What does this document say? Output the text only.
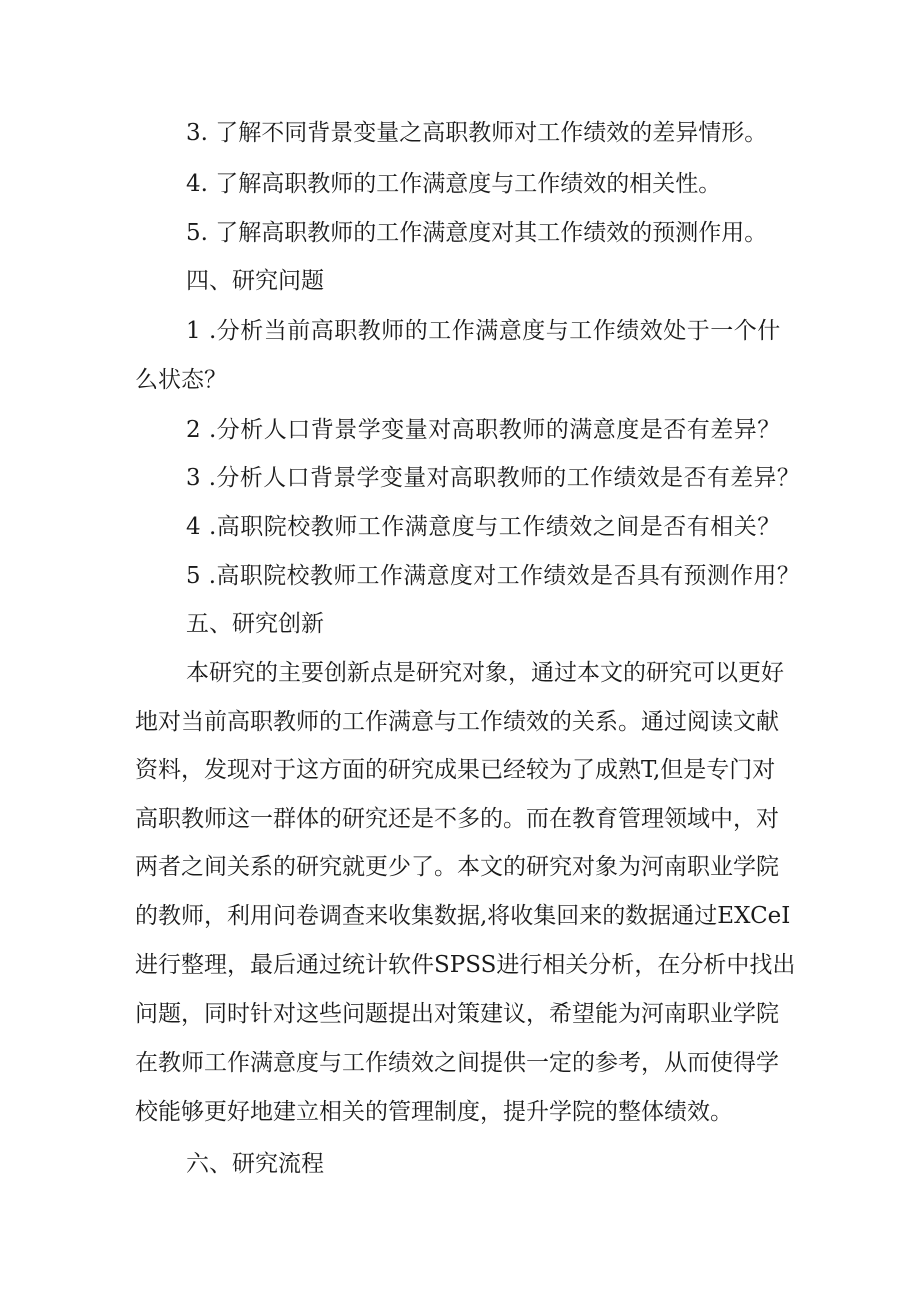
3. 了解不同背景变量之高职教师对工作绩效的差异情形。
4. 了解高职教师的工作满意度与工作绩效的相关性。
5. 了解高职教师的工作满意度对其工作绩效的预测作用。
四、研究问题
1 .分析当前高职教师的工作满意度与工作绩效处于一个什
么状态？
2 .分析人口背景学变量对高职教师的满意度是否有差异？
3 .分析人口背景学变量对高职教师的工作绩效是否有差异？
4 .高职院校教师工作满意度与工作绩效之间是否有相关？
5 .高职院校教师工作满意度对工作绩效是否具有预测作用？
五、研究创新
本研究的主要创新点是研究对象，通过本文的研究可以更好
地对当前高职教师的工作满意与工作绩效的关系。通过阅读文献
资料，发现对于这方面的研究成果已经较为了成熟T,但是专门对
高职教师这一群体的研究还是不多的。而在教育管理领域中，对
两者之间关系的研究就更少了。本文的研究对象为河南职业学院
的教师，利用问卷调查来收集数据,将收集回来的数据通过EXCeI
进行整理，最后通过统计软件SPSS进行相关分析，在分析中找出
问题，同时针对这些问题提出对策建议，希望能为河南职业学院
在教师工作满意度与工作绩效之间提供一定的参考，从而使得学
校能够更好地建立相关的管理制度，提升学院的整体绩效。
六、研究流程
